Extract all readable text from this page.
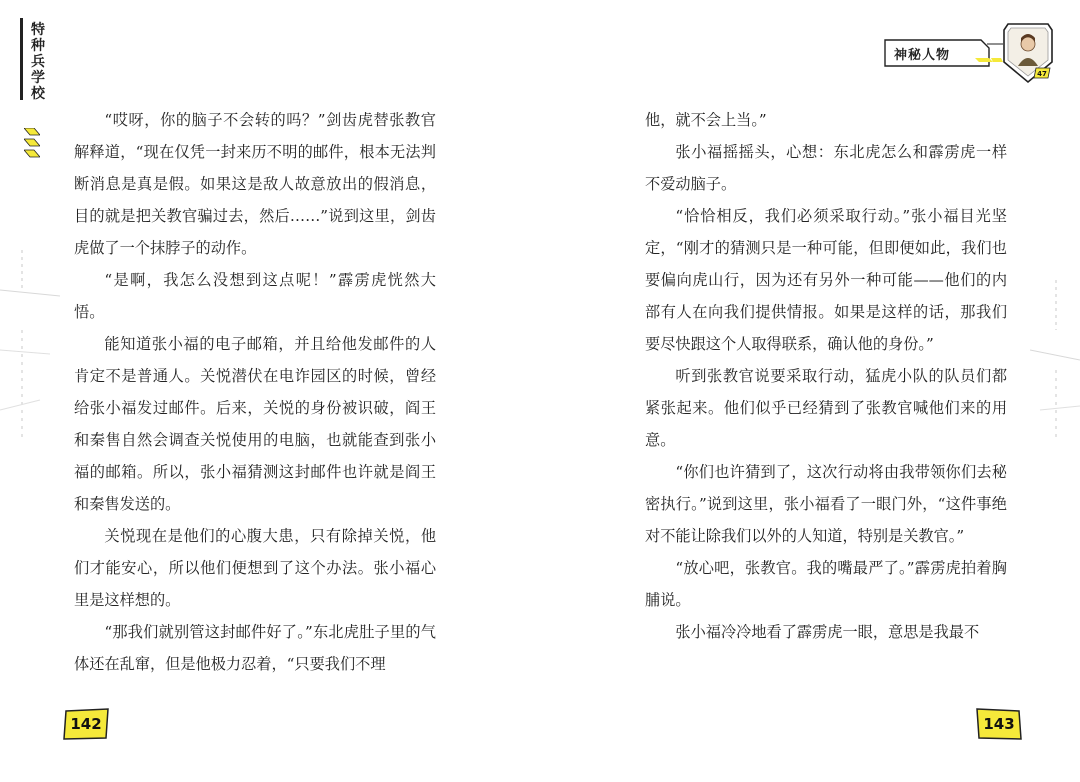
特种兵学校
神秘人物
47

“哎呀，你的脑子不会转的吗？”剑齿虎替张教官解释道，“现在仅凭一封来历不明的邮件，根本无法判断消息是真是假。如果这是敌人故意放出的假消息，目的就是把关教官骗过去，然后……”说到这里，剑齿虎做了一个抹脖子的动作。

“是啊，我怎么没想到这点呢！”霹雳虎恍然大悟。

能知道张小福的电子邮箱，并且给他发邮件的人肯定不是普通人。关悦潜伏在电诈园区的时候，曾经给张小福发过邮件。后来，关悦的身份被识破，阎王和秦售自然会调查关悦使用的电脑，也就能查到张小福的邮箱。所以，张小福猜测这封邮件也许就是阎王和秦售发送的。

关悦现在是他们的心腹大患，只有除掉关悦，他们才能安心，所以他们便想到了这个办法。张小福心里是这样想的。

“那我们就别管这封邮件好了。”东北虎肚子里的气体还在乱窜，但是他极力忍着，“只要我们不理

他，就不会上当。”

张小福摇摇头，心想：东北虎怎么和霹雳虎一样不爱动脑子。

“恰恰相反，我们必须采取行动。”张小福目光坚定，“刚才的猜测只是一种可能，但即便如此，我们也要偏向虎山行，因为还有另外一种可能——他们的内部有人在向我们提供情报。如果是这样的话，那我们要尽快跟这个人取得联系，确认他的身份。”

听到张教官说要采取行动，猛虎小队的队员们都紧张起来。他们似乎已经猜到了张教官喊他们来的用意。

“你们也许猜到了，这次行动将由我带领你们去秘密执行。”说到这里，张小福看了一眼门外，“这件事绝对不能让除我们以外的人知道，特别是关教官。”

“放心吧，张教官。我的嘴最严了。”霹雳虎拍着胸脯说。

张小福冷冷地看了霹雳虎一眼，意思是我最不

142	143
